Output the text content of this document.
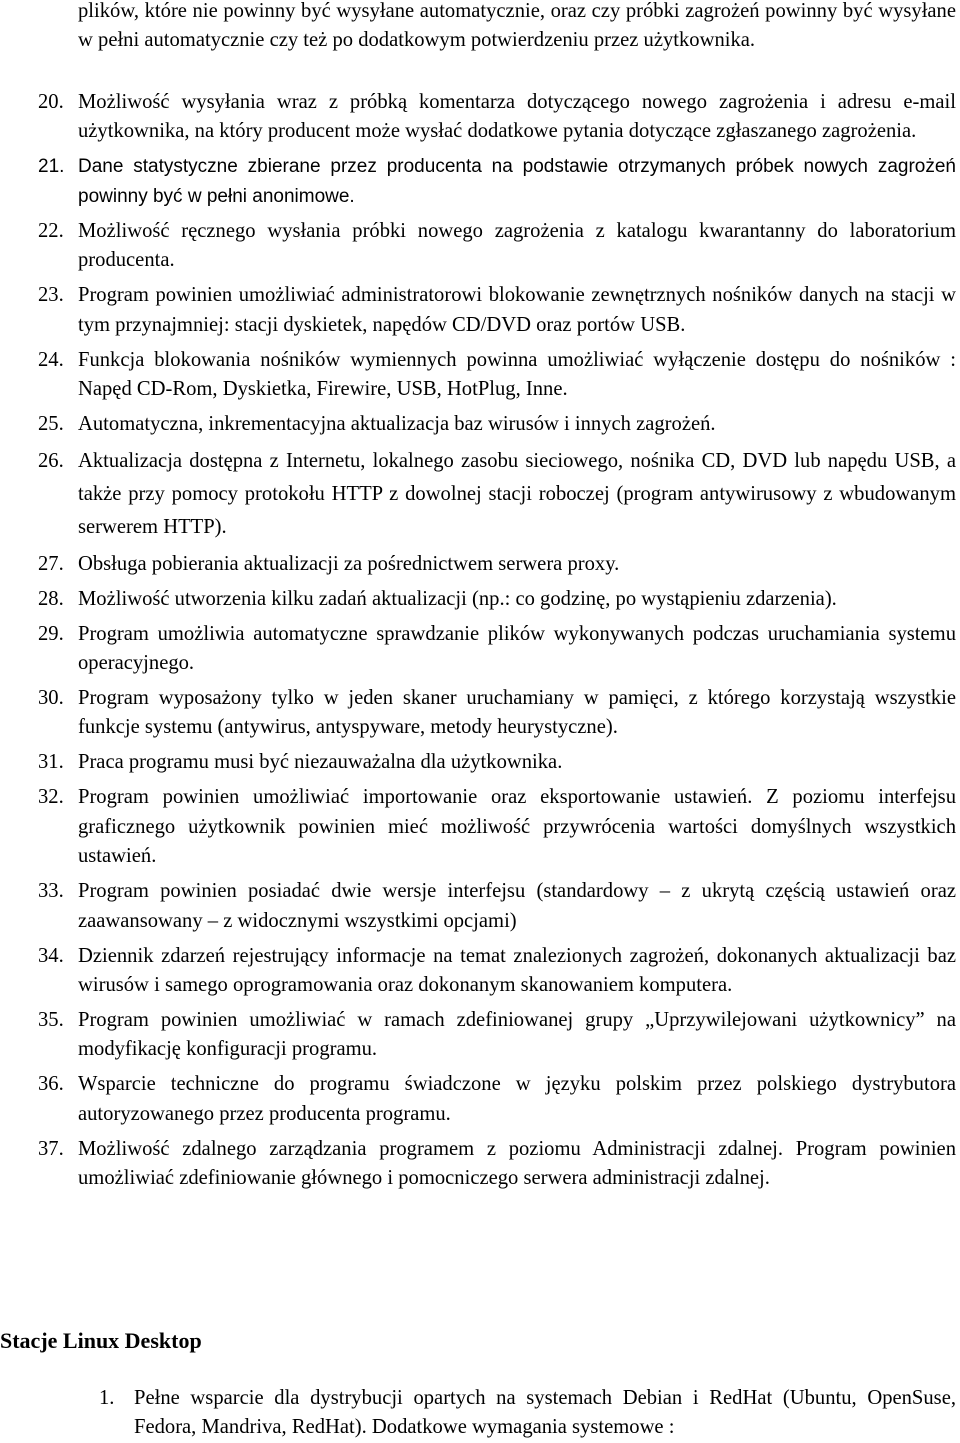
plików, które nie powinny być wysyłane automatycznie, oraz czy próbki zagrożeń powinny być wysyłane w pełni automatycznie czy też po dodatkowym potwierdzeniu przez użytkownika.

20. Możliwość wysyłania wraz z próbką komentarza dotyczącego nowego zagrożenia i adresu e-mail użytkownika, na który producent może wysłać dodatkowe pytania dotyczące zgłaszanego zagrożenia.
21. Dane statystyczne zbierane przez producenta na podstawie otrzymanych próbek nowych zagrożeń powinny być w pełni anonimowe.
22. Możliwość ręcznego wysłania próbki nowego zagrożenia z katalogu kwarantanny do laboratorium producenta.
23. Program powinien umożliwiać administratorowi blokowanie zewnętrznych nośników danych na stacji w tym przynajmniej: stacji dyskietek, napędów CD/DVD oraz portów USB.
24. Funkcja blokowania nośników wymiennych powinna umożliwiać wyłączenie dostępu do nośników : Napęd CD-Rom, Dyskietka, Firewire, USB, HotPlug, Inne.
25. Automatyczna, inkrementacyjna aktualizacja baz wirusów i innych zagrożeń.
26. Aktualizacja dostępna z Internetu, lokalnego zasobu sieciowego, nośnika CD, DVD lub napędu USB, a także przy pomocy protokołu HTTP z dowolnej stacji roboczej (program antywirusowy z wbudowanym serwerem HTTP).
27. Obsługa pobierania aktualizacji za pośrednictwem serwera proxy.
28. Możliwość utworzenia kilku zadań aktualizacji (np.: co godzinę, po wystąpieniu zdarzenia).
29. Program umożliwia automatyczne sprawdzanie plików wykonywanych podczas uruchamiania systemu operacyjnego.
30. Program wyposażony tylko w jeden skaner uruchamiany w pamięci, z którego korzystają wszystkie funkcje systemu (antywirus, antyspyware, metody heurystyczne).
31. Praca programu musi być niezauważalna dla użytkownika.
32. Program powinien umożliwiać importowanie oraz eksportowanie ustawień. Z poziomu interfejsu graficznego użytkownik powinien mieć możliwość przywrócenia wartości domyślnych wszystkich ustawień.
33. Program powinien posiadać dwie wersje interfejsu (standardowy – z ukrytą częścią ustawień oraz zaawansowany – z widocznymi wszystkimi opcjami)
34. Dziennik zdarzeń rejestrujący informacje na temat znalezionych zagrożeń, dokonanych aktualizacji baz wirusów i samego oprogramowania oraz dokonanym skanowaniem komputera.
35. Program powinien umożliwiać w ramach zdefiniowanej grupy „Uprzywilejowani użytkownicy” na modyfikację konfiguracji programu.
36. Wsparcie techniczne do programu świadczone w języku polskim przez polskiego dystrybutora autoryzowanego przez producenta programu.
37. Możliwość zdalnego zarządzania programem z poziomu Administracji zdalnej. Program powinien umożliwiać zdefiniowanie głównego i pomocniczego serwera administracji zdalnej.
Stacje Linux Desktop
1. Pełne wsparcie dla dystrybucji opartych na systemach Debian i RedHat (Ubuntu, OpenSuse, Fedora, Mandriva, RedHat). Dodatkowe wymagania systemowe :
